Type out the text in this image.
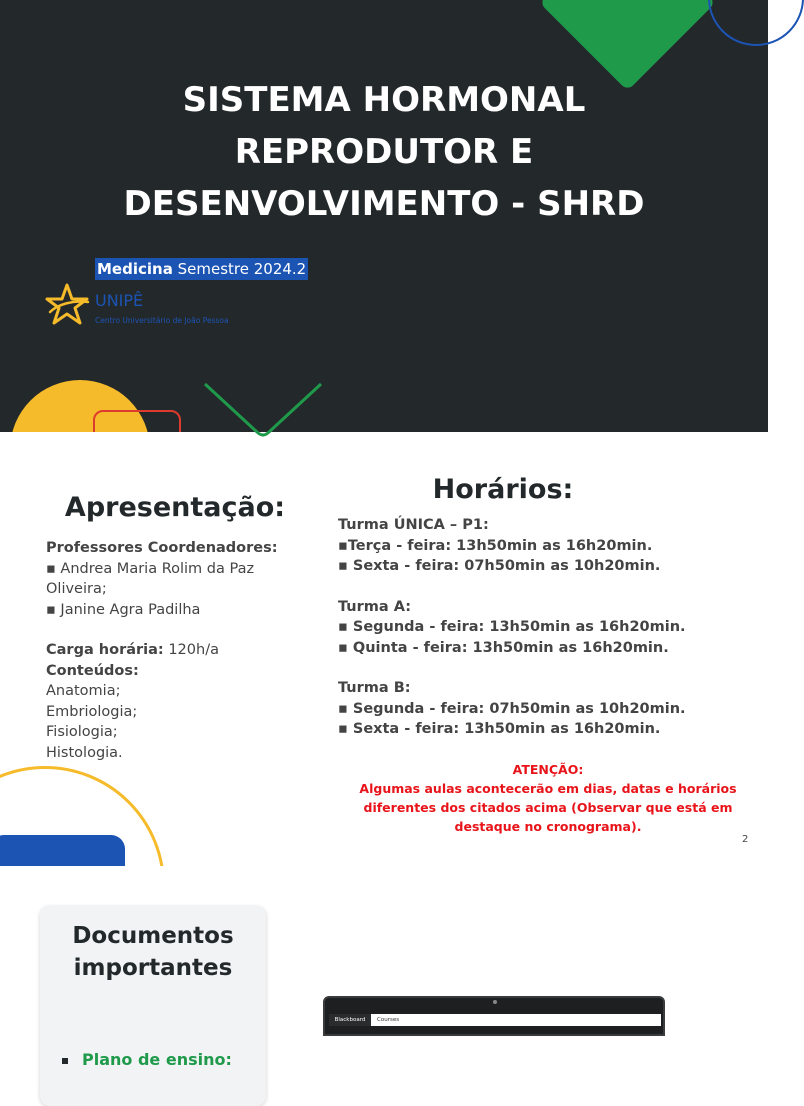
SISTEMA HORMONAL
REPRODUTOR E
DESENVOLVIMENTO - SHRD
Medicina Semestre 2024.2
UNIPÊ
Centro Universitário de João Pessoa
Apresentação:
Professores Coordenadores:
▪ Andrea Maria Rolim da Paz Oliveira;
▪ Janine Agra Padilha
Carga horária: 120h/a
Conteúdos:
Anatomia;
Embriologia;
Fisiologia;
Histologia.
Horários:
Turma ÚNICA – P1:
▪Terça - feira: 13h50min as 16h20min.
▪ Sexta - feira: 07h50min as 10h20min.
Turma A:
▪ Segunda - feira: 13h50min as 16h20min.
▪ Quinta - feira: 13h50min as 16h20min.
Turma B:
▪ Segunda - feira: 07h50min as 10h20min.
▪ Sexta - feira: 13h50min as 16h20min.
ATENÇÃO:
Algumas aulas acontecerão em dias, datas e horários
diferentes dos citados acima (Observar que está em
destaque no cronograma).
2
Documentos
importantes
Plano de ensino:
Blackboard	Courses
